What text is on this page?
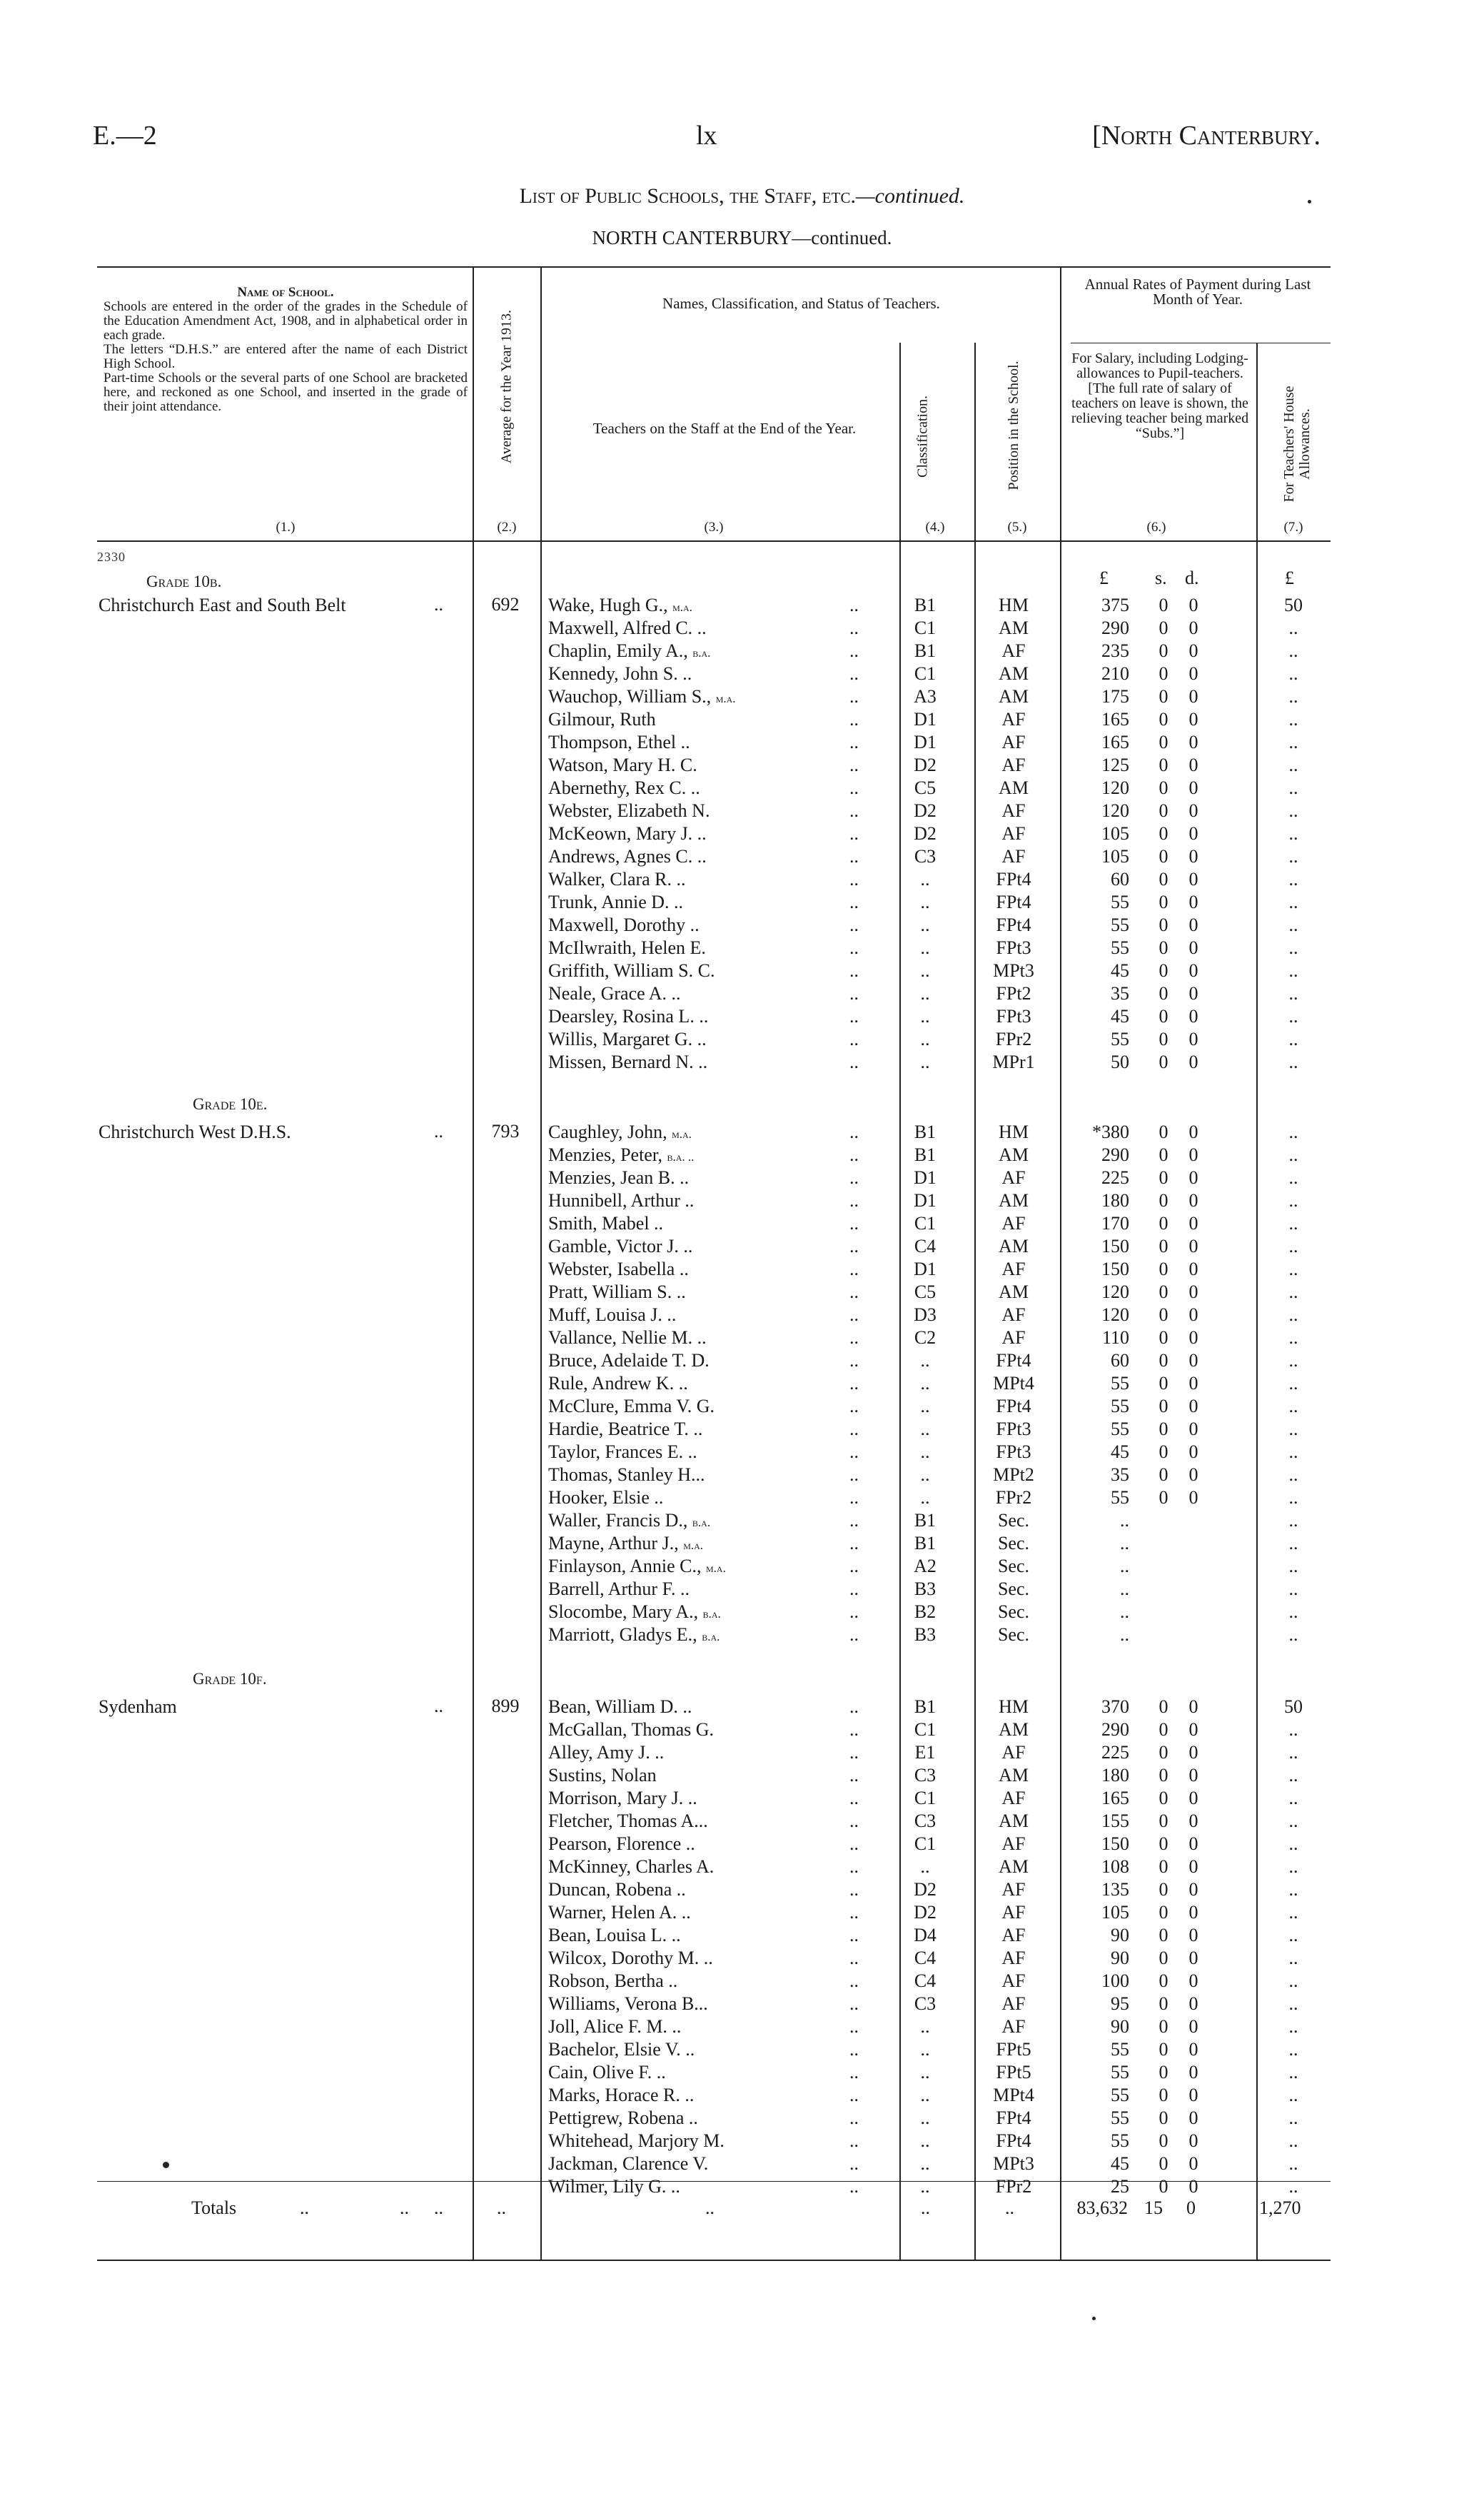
E.—2	lx	[North Canterbury.
List of Public Schools, the Staff, etc.—continued.
NORTH CANTERBURY—continued.
Name of School.
Schools are entered in the order of the grades in the Schedule of the Education Amendment Act, 1908, and in alphabetical order in each grade.
The letters “D.H.S.” are entered after the name of each District High School.
Part-time Schools or the several parts of one School are bracketed here, and reckoned as one School, and inserted in the grade of their joint attendance.	Average for the Year 1913.
Names, Classification, and Status of Teachers.
Teachers on the Staff at the End of the Year.	Classification.	Position in the School.
Annual Rates of Payment during Last Month of Year.
For Salary, including Lodging-allowances to Pupil-teachers. [The full rate of salary of teachers on leave is shown, the relieving teacher being marked “Subs.”]	For Teachers' House Allowances.
(1.)	(2.)	(3.)	(4.)	(5.)	(6.)	(7.)
£	s. d.	£
2330
Grade 10b.
Christchurch East and South Belt	..	692	Wake, Hugh G., m.a.	..	B1	HM	375	0	0	50
Maxwell, Alfred C. ..	..	C1	AM	290	0	0	..
Chaplin, Emily A., b.a.	..	B1	AF	235	0	0	..
Kennedy, John S. ..	..	C1	AM	210	0	0	..
Wauchop, William S., m.a.	..	A3	AM	175	0	0	..
Gilmour, Ruth	..	D1	AF	165	0	0	..
Thompson, Ethel ..	..	D1	AF	165	0	0	..
Watson, Mary H. C.	..	D2	AF	125	0	0	..
Abernethy, Rex C. ..	..	C5	AM	120	0	0	..
Webster, Elizabeth N.	..	D2	AF	120	0	0	..
McKeown, Mary J. ..	..	D2	AF	105	0	0	..
Andrews, Agnes C. ..	..	C3	AF	105	0	0	..
Walker, Clara R. ..	..	..	FPt4	60	0	0	..
Trunk, Annie D. ..	..	..	FPt4	55	0	0	..
Maxwell, Dorothy ..	..	..	FPt4	55	0	0	..
McIlwraith, Helen E.	..	..	FPt3	55	0	0	..
Griffith, William S. C.	..	..	MPt3	45	0	0	..
Neale, Grace A. ..	..	..	FPt2	35	0	0	..
Dearsley, Rosina L. ..	..	..	FPt3	45	0	0	..
Willis, Margaret G. ..	..	..	FPr2	55	0	0	..
Missen, Bernard N. ..	..	..	MPr1	50	0	0	..
Grade 10e.
Christchurch West D.H.S.	..	793	Caughley, John, m.a.	..	B1	HM	*380	0	0	..
Menzies, Peter, b.a. ..	..	B1	AM	290	0	0	..
Menzies, Jean B. ..	..	D1	AF	225	0	0	..
Hunnibell, Arthur ..	..	D1	AM	180	0	0	..
Smith, Mabel ..	..	C1	AF	170	0	0	..
Gamble, Victor J. ..	..	C4	AM	150	0	0	..
Webster, Isabella ..	..	D1	AF	150	0	0	..
Pratt, William S. ..	..	C5	AM	120	0	0	..
Muff, Louisa J. ..	..	D3	AF	120	0	0	..
Vallance, Nellie M. ..	..	C2	AF	110	0	0	..
Bruce, Adelaide T. D.	..	..	FPt4	60	0	0	..
Rule, Andrew K. ..	..	..	MPt4	55	0	0	..
McClure, Emma V. G.	..	..	FPt4	55	0	0	..
Hardie, Beatrice T. ..	..	..	FPt3	55	0	0	..
Taylor, Frances E. ..	..	..	FPt3	45	0	0	..
Thomas, Stanley H...	..	..	MPt2	35	0	0	..
Hooker, Elsie ..	..	..	FPr2	55	0	0	..
Waller, Francis D., b.a.	..	B1	Sec.	..	..
Mayne, Arthur J., m.a.	..	B1	Sec.	..	..
Finlayson, Annie C., m.a.	..	A2	Sec.	..	..
Barrell, Arthur F. ..	..	B3	Sec.	..	..
Slocombe, Mary A., b.a.	..	B2	Sec.	..	..
Marriott, Gladys E., b.a.	..	B3	Sec.	..	..
Grade 10f.
Sydenham	..	899	Bean, William D. ..	..	B1	HM	370	0	0	50
McGallan, Thomas G.	..	C1	AM	290	0	0	..
Alley, Amy J. ..	..	E1	AF	225	0	0	..
Sustins, Nolan	..	C3	AM	180	0	0	..
Morrison, Mary J. ..	..	C1	AF	165	0	0	..
Fletcher, Thomas A...	..	C3	AM	155	0	0	..
Pearson, Florence ..	..	C1	AF	150	0	0	..
McKinney, Charles A.	..	..	AM	108	0	0	..
Duncan, Robena ..	..	D2	AF	135	0	0	..
Warner, Helen A. ..	..	D2	AF	105	0	0	..
Bean, Louisa L. ..	..	D4	AF	90	0	0	..
Wilcox, Dorothy M. ..	..	C4	AF	90	0	0	..
Robson, Bertha ..	..	C4	AF	100	0	0	..
Williams, Verona B...	..	C3	AF	95	0	0	..
Joll, Alice F. M. ..	..	..	AF	90	0	0	..
Bachelor, Elsie V. ..	..	..	FPt5	55	0	0	..
Cain, Olive F. ..	..	..	FPt5	55	0	0	..
Marks, Horace R. ..	..	..	MPt4	55	0	0	..
Pettigrew, Robena ..	..	..	FPt4	55	0	0	..
Whitehead, Marjory M.	..	..	FPt4	55	0	0	..
Jackman, Clarence V.	..	..	MPt3	45	0	0	..
Wilmer, Lily G. ..	..	..	FPr2	25	0	0	..
Totals	..	.. ..	..	..	..	..	83,632 15 0	1,270
